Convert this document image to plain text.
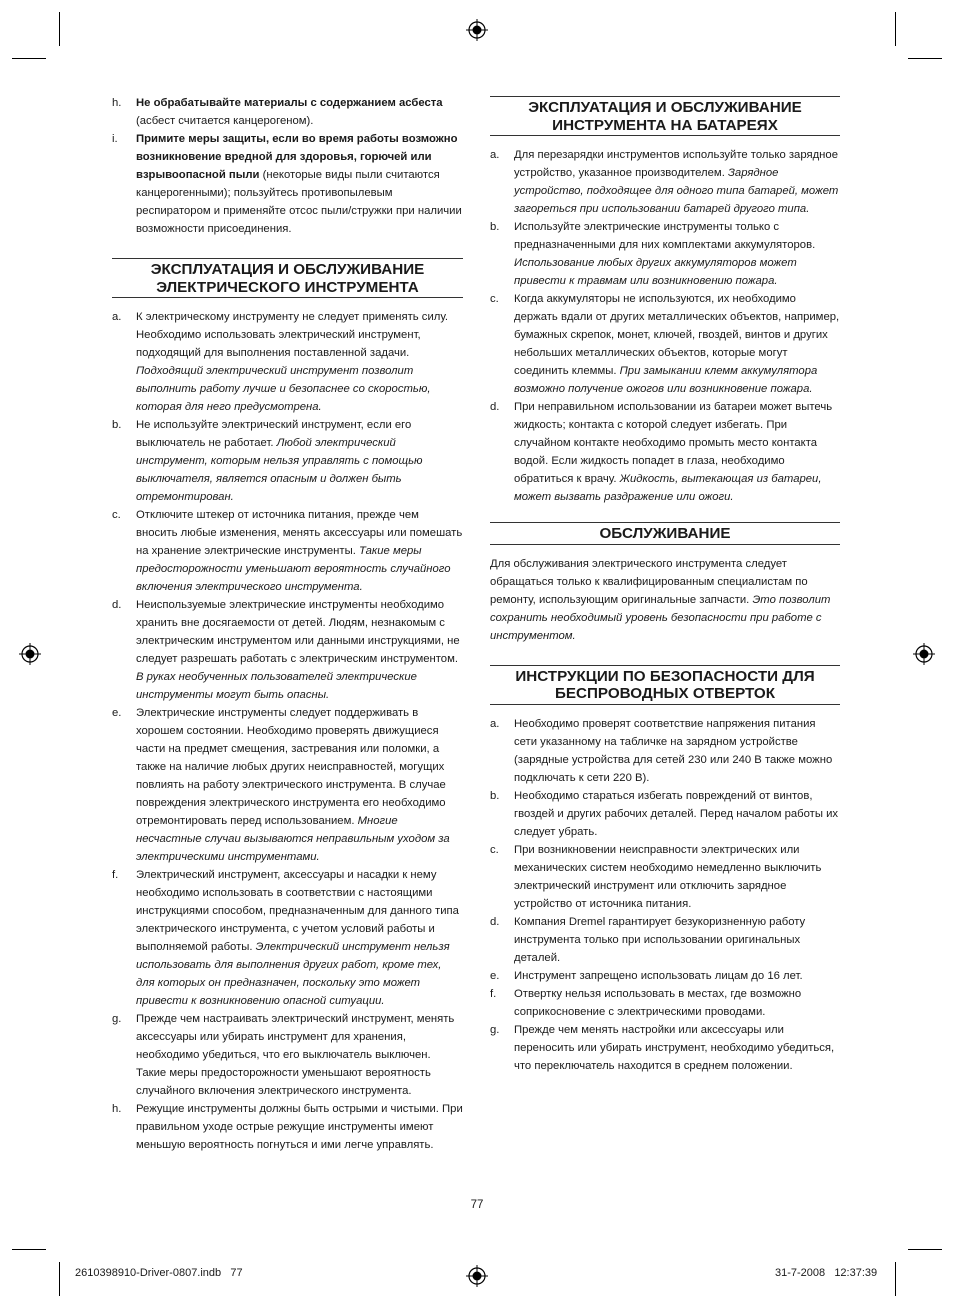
h.	Не обрабатывайте материалы с содержанием асбеста (асбест считается канцерогеном).
i.	Примите меры защиты, если во время работы возможно возникновение вредной для здоровья, горючей или взрывоопасной пыли (некоторые виды пыли считаются канцерогенными); пользуйтесь противопылевым респиратором и применяйте отсос пыли/стружки при наличии возможности присоединения.
ЭКСПЛУАТАЦИЯ И ОБСЛУЖИВАНИЕ ЭЛЕКТРИЧЕСКОГО ИНСТРУМЕНТА
a.	К электрическому инструменту не следует применять силу. Необходимо использовать электрический инструмент, подходящий для выполнения поставленной задачи. Подходящий электрический инструмент позволит выполнить работу лучше и безопаснее со скоростью, которая для него предусмотрена.
b.	Не используйте электрический инструмент, если его выключатель не работает. Любой электрический инструмент, которым нельзя управлять с помощью выключателя, является опасным и должен быть отремонтирован.
c.	Отключите штекер от источника питания, прежде чем вносить любые изменения, менять аксессуары или помешать на хранение электрические инструменты. Такие меры предосторожности уменьшают вероятность случайного включения электрического инструмента.
d.	Неиспользуемые электрические инструменты необходимо хранить вне досягаемости от детей. Людям, незнакомым с электрическим инструментом или данными инструкциями, не следует разрешать работать с электрическим инструментом. В руках необученных пользователей электрические инструменты могут быть опасны.
e.	Электрические инструменты следует поддерживать в хорошем состоянии. Необходимо проверять движущиеся части на предмет смещения, застревания или поломки, а также на наличие любых других неисправностей, могущих повлиять на работу электрического инструмента. В случае повреждения электрического инструмента его необходимо отремонтировать перед использованием. Многие несчастные случаи вызываются неправильным уходом за электрическими инструментами.
f.	Электрический инструмент, аксессуары и насадки к нему необходимо использовать в соответствии с настоящими инструкциями способом, предназначенным для данного типа электрического инструмента, с учетом условий работы и выполняемой работы. Электрический инструмент нельзя использовать для выполнения других работ, кроме тех, для которых он предназначен, поскольку это может привести к возникновению опасной ситуации.
g.	Прежде чем настраивать электрический инструмент, менять аксессуары или убирать инструмент для хранения, необходимо убедиться, что его выключатель выключен. Такие меры предосторожности уменьшают вероятность случайного включения электрического инструмента.
h.	Режущие инструменты должны быть острыми и чистыми. При правильном уходе острые режущие инструменты имеют меньшую вероятность погнуться и ими легче управлять.
ЭКСПЛУАТАЦИЯ И ОБСЛУЖИВАНИЕ ИНСТРУМЕНТА НА БАТАРЕЯХ
a.	Для перезарядки инструментов используйте только зарядное устройство, указанное производителем. Зарядное устройство, подходящее для одного типа батарей, может загореться при использовании батарей другого типа.
b.	Используйте электрические инструменты только с предназначенными для них комплектами аккумуляторов. Использование любых других аккумуляторов может привести к травмам или возникновению пожара.
c.	Когда аккумуляторы не используются, их необходимо держать вдали от других металлических объектов, например, бумажных скрепок, монет, ключей, гвоздей, винтов и других небольших металлических объектов, которые могут соединить клеммы. При замыкании клемм аккумулятора возможно получение ожогов или возникновение пожара.
d.	При неправильном использовании из батареи может вытечь жидкость; контакта с которой следует избегать. При случайном контакте необходимо промыть место контакта водой. Если жидкость попадет в глаза, необходимо обратиться к врачу. Жидкость, вытекающая из батареи, может вызвать раздражение или ожоги.
ОБСЛУЖИВАНИЕ

Для обслуживания электрического инструмента следует обращаться только к квалифицированным специалистам по ремонту, использующим оригинальные запчасти. Это позволит сохранить необходимый уровень безопасности при работе с инструментом.

ИНСТРУКЦИИ ПО БЕЗОПАСНОСТИ ДЛЯ БЕСПРОВОДНЫХ ОТВЕРТОК
a.	Необходимо проверят соответствие напряжения питания сети указанному на табличке на зарядном устройстве (зарядные устройства для сетей 230 или 240 В также можно подключать к сети 220 В).
b.	Необходимо стараться избегать повреждений от винтов, гвоздей и других рабочих деталей. Перед началом работы их следует убрать.
c.	При возникновении неисправности электрических или механических систем необходимо немедленно выключить электрический инструмент или отключить зарядное устройство от источника питания.
d.	Компания Dremel гарантирует безукоризненную работу инструмента только при использовании оригинальных деталей.
e.	Инструмент запрещено использовать лицам до 16 лет.
f.	Отвертку нельзя использовать в местах, где возможно соприкосновение с электрическими проводами.
g.	Прежде чем менять настройки или аксессуары или переносить или убирать инструмент, необходимо убедиться, что переключатель находится в среднем положении.
77
2610398910-Driver-0807.indb   77	31-7-2008   12:37:39
